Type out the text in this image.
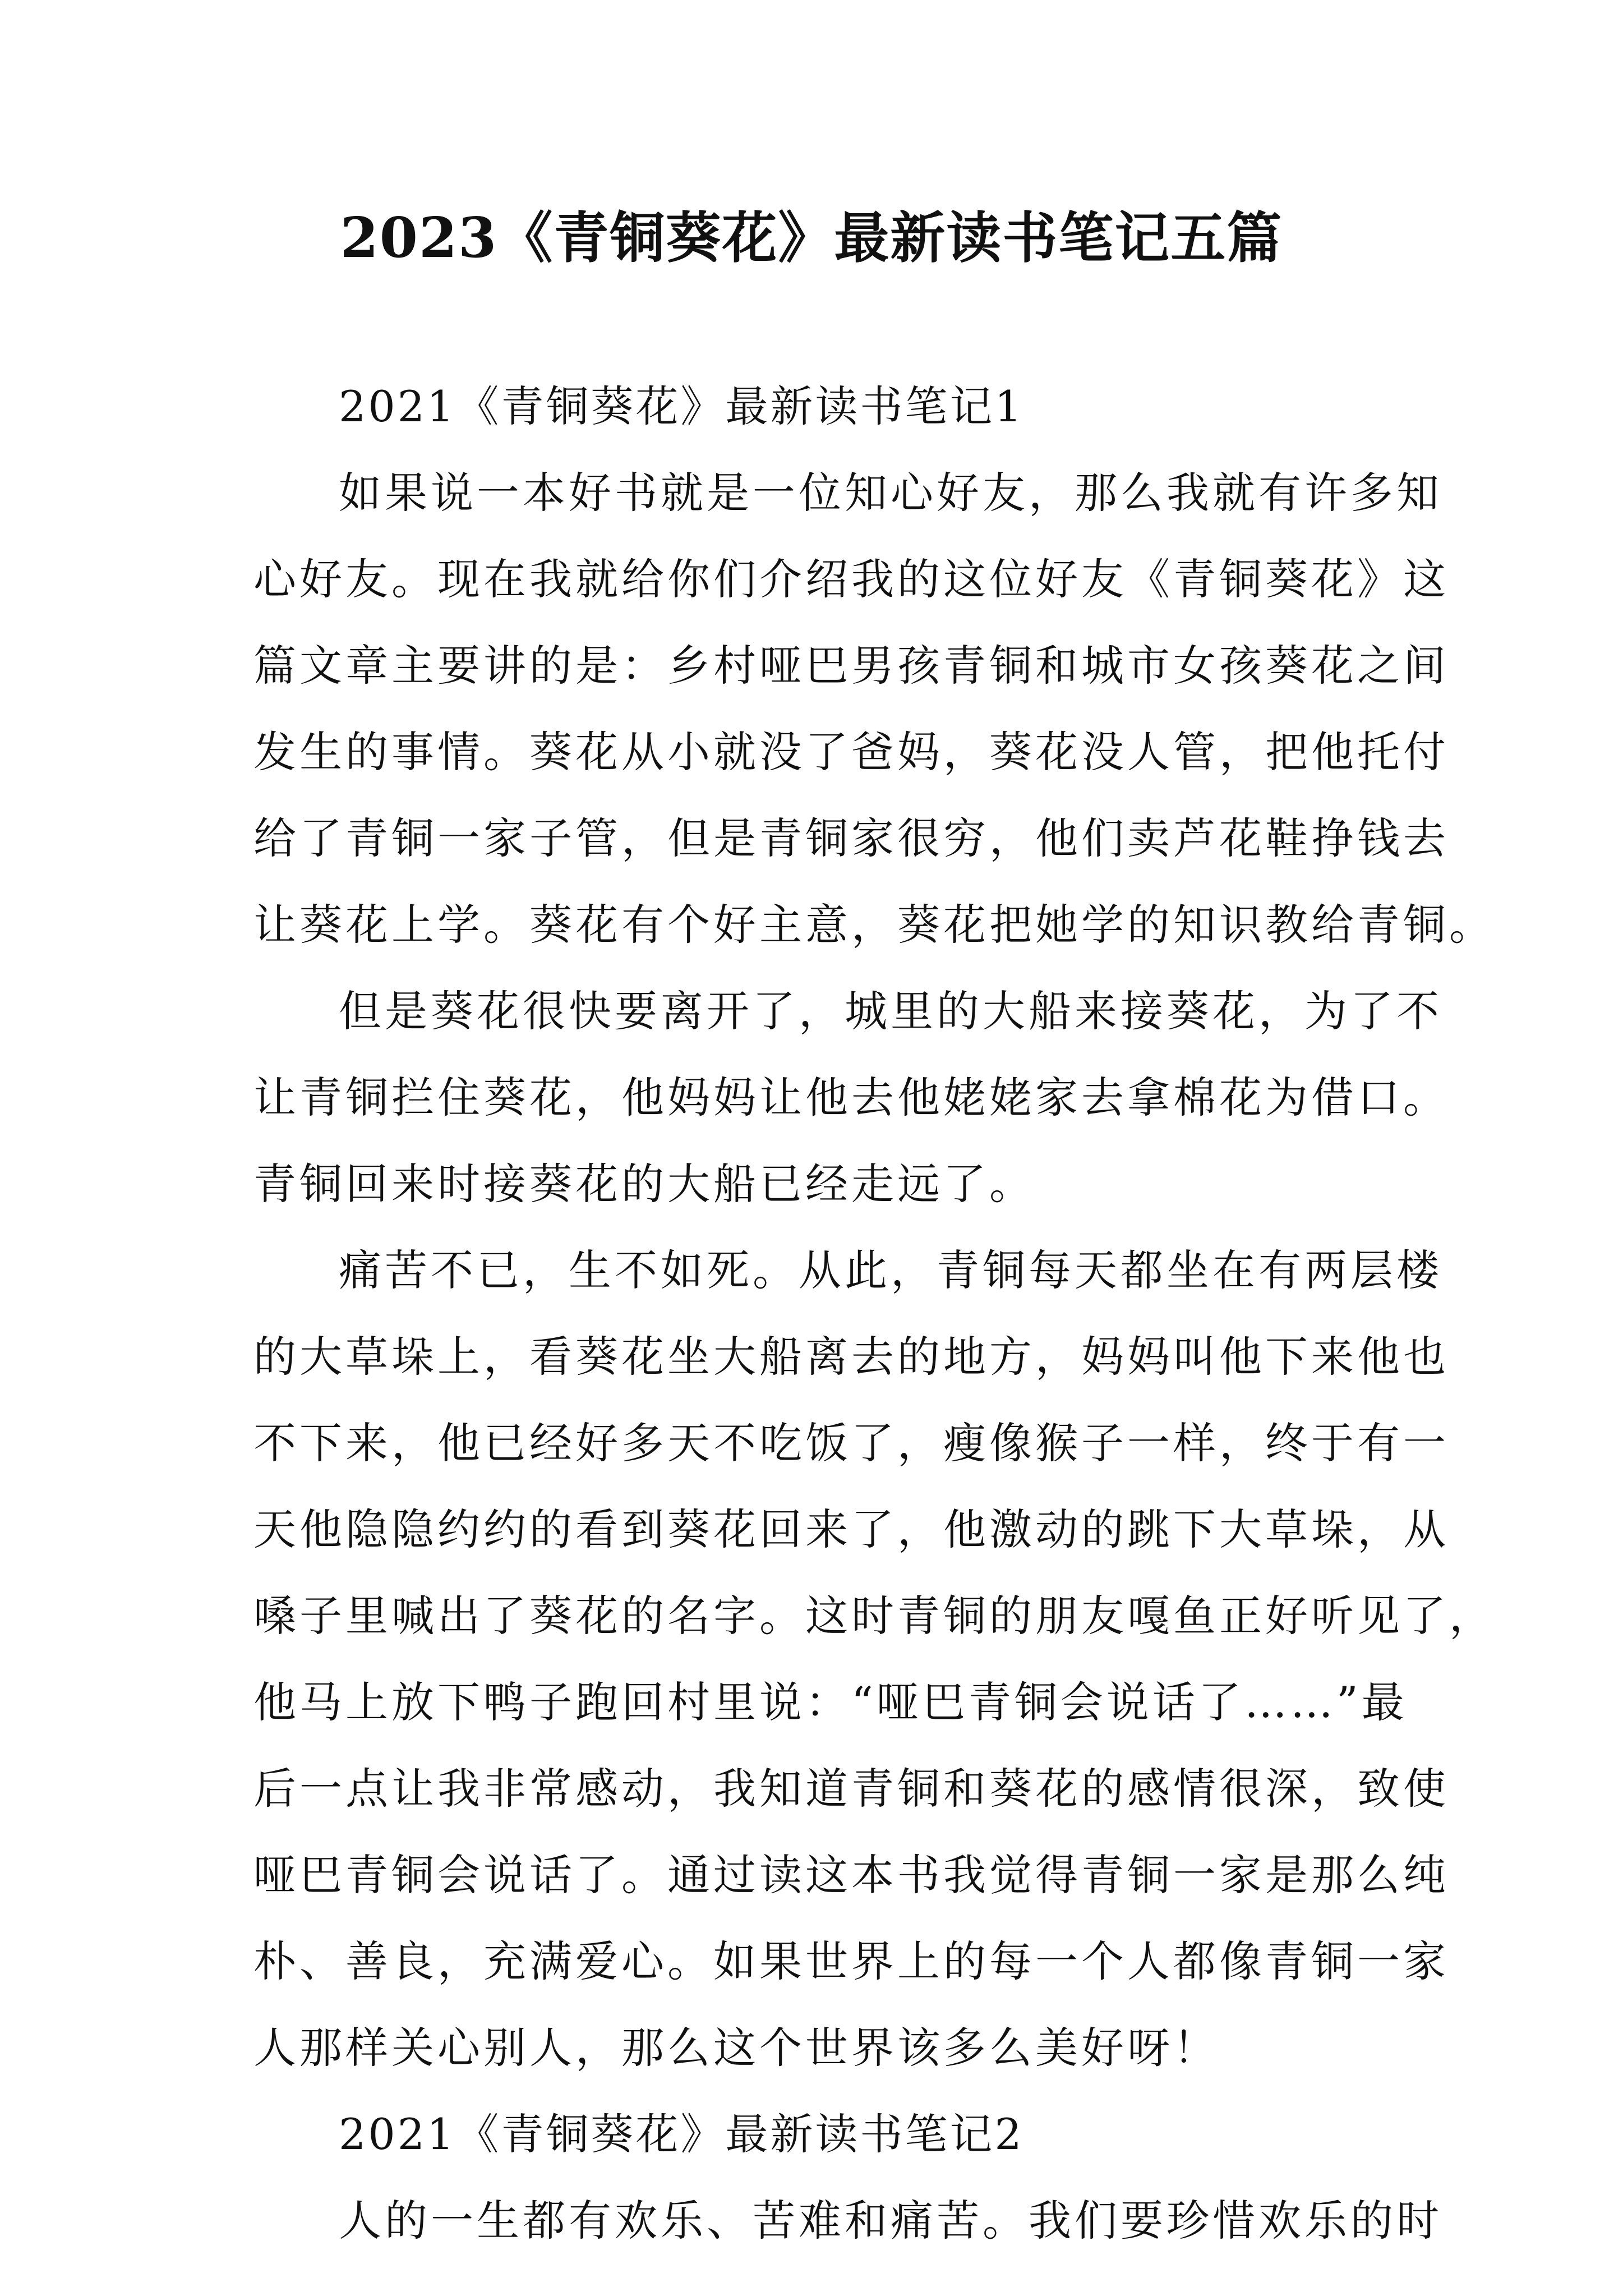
2023《青铜葵花》最新读书笔记五篇
2021《青铜葵花》最新读书笔记1
如果说一本好书就是一位知心好友，那么我就有许多知
心好友。现在我就给你们介绍我的这位好友《青铜葵花》这
篇文章主要讲的是：乡村哑巴男孩青铜和城市女孩葵花之间
发生的事情。葵花从小就没了爸妈，葵花没人管，把他托付
给了青铜一家子管，但是青铜家很穷，他们卖芦花鞋挣钱去
让葵花上学。葵花有个好主意，葵花把她学的知识教给青铜。
但是葵花很快要离开了，城里的大船来接葵花，为了不
让青铜拦住葵花，他妈妈让他去他姥姥家去拿棉花为借口。
青铜回来时接葵花的大船已经走远了。
痛苦不已，生不如死。从此，青铜每天都坐在有两层楼
的大草垛上，看葵花坐大船离去的地方，妈妈叫他下来他也
不下来，他已经好多天不吃饭了，瘦像猴子一样，终于有一
天他隐隐约约的看到葵花回来了，他激动的跳下大草垛，从
嗓子里喊出了葵花的名字。这时青铜的朋友嘎鱼正好听见了，
他马上放下鸭子跑回村里说：“哑巴青铜会说话了……”最
后一点让我非常感动，我知道青铜和葵花的感情很深，致使
哑巴青铜会说话了。通过读这本书我觉得青铜一家是那么纯
朴、善良，充满爱心。如果世界上的每一个人都像青铜一家
人那样关心别人，那么这个世界该多么美好呀！
2021《青铜葵花》最新读书笔记2
人的一生都有欢乐、苦难和痛苦。我们要珍惜欢乐的时
